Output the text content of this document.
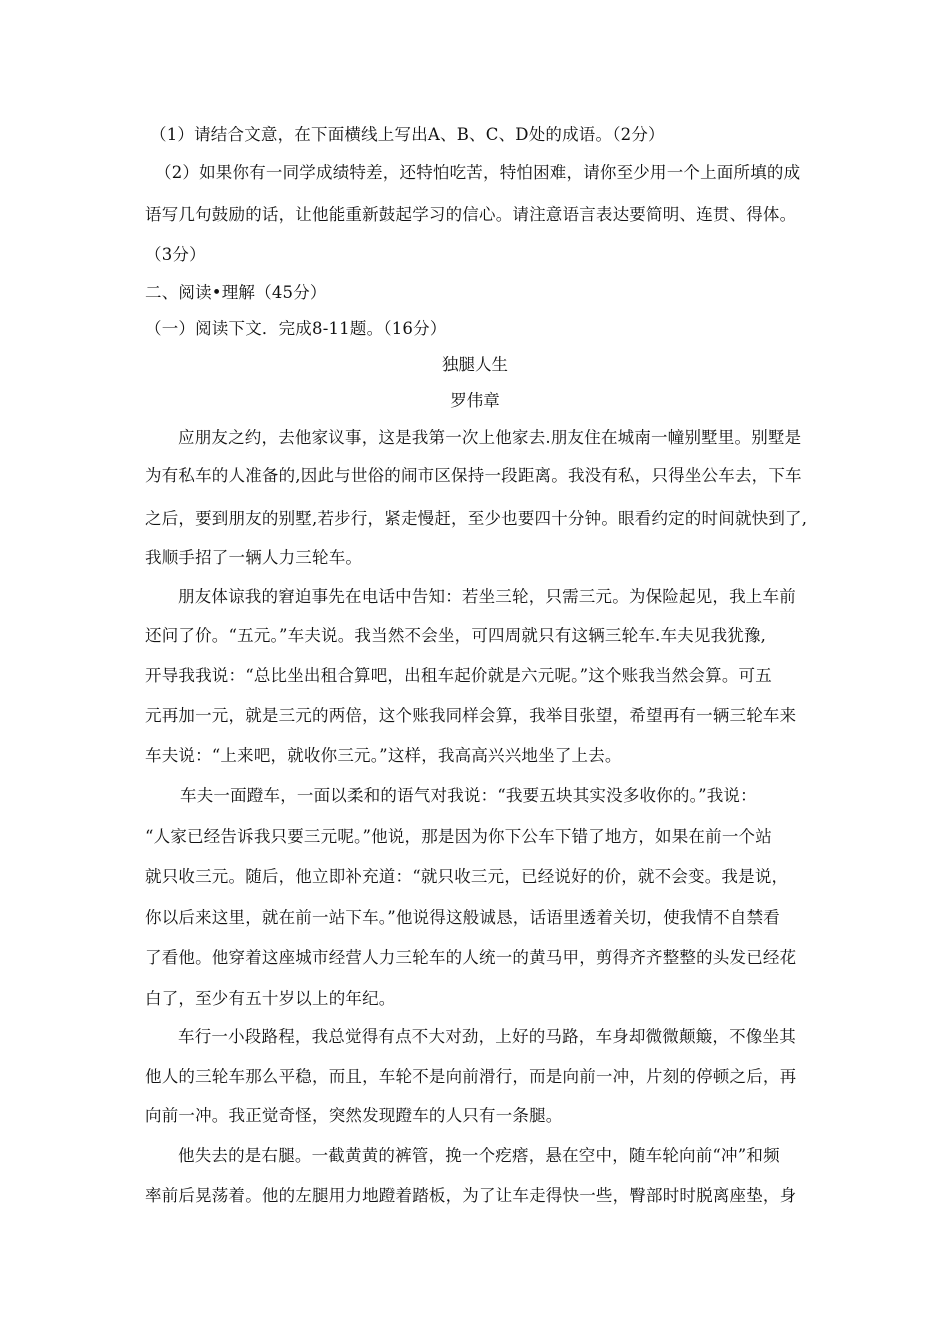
（1）请结合文意，在下面横线上写出A、B、C、D处的成语。（2分）
（2）如果你有一同学成绩特差，还特怕吃苦，特怕困难，请你至少用一个上面所填的成
语写几句鼓励的话，让他能重新鼓起学习的信心。请注意语言表达要简明、连贯、得体。
（3分）
二、阅读•理解（45分）
（一）阅读下文．完成8-11题。（16分）
独腿人生
罗伟章
应朋友之约，去他家议事，这是我第一次上他家去.朋友住在城南一幢别墅里。别墅是
为有私车的人准备的,因此与世俗的闹市区保持一段距离。我没有私，只得坐公车去，下车
之后，要到朋友的别墅,若步行，紧走慢赶，至少也要四十分钟。眼看约定的时间就快到了,
我顺手招了一辆人力三轮车。
朋友体谅我的窘迫事先在电话中告知：若坐三轮，只需三元。为保险起见，我上车前
还问了价。“五元。”车夫说。我当然不会坐，可四周就只有这辆三轮车.车夫见我犹豫,
开导我我说：“总比坐出租合算吧，出租车起价就是六元呢。”这个账我当然会算。可五
元再加一元，就是三元的两倍，这个账我同样会算，我举目张望，希望再有一辆三轮车来
车夫说：“上来吧，就收你三元。”这样，我高高兴兴地坐了上去。
车夫一面蹬车，一面以柔和的语气对我说：“我要五块其实没多收你的。”我说：
“人家已经告诉我只要三元呢。”他说，那是因为你下公车下错了地方，如果在前一个站
就只收三元。随后，他立即补充道：“就只收三元，已经说好的价，就不会变。我是说，
你以后来这里，就在前一站下车。”他说得这般诚恳，话语里透着关切，使我情不自禁看
了看他。他穿着这座城市经营人力三轮车的人统一的黄马甲，剪得齐齐整整的头发已经花
白了，至少有五十岁以上的年纪。
车行一小段路程，我总觉得有点不大对劲，上好的马路，车身却微微颠簸，不像坐其
他人的三轮车那么平稳，而且，车轮不是向前滑行，而是向前一冲，片刻的停顿之后，再
向前一冲。我正觉奇怪，突然发现蹬车的人只有一条腿。
他失去的是右腿。一截黄黄的裤管，挽一个疙瘩，悬在空中，随车轮向前“冲”和频
率前后晃荡着。他的左腿用力地蹬着踏板，为了让车走得快一些，臀部时时脱离座垫，身
